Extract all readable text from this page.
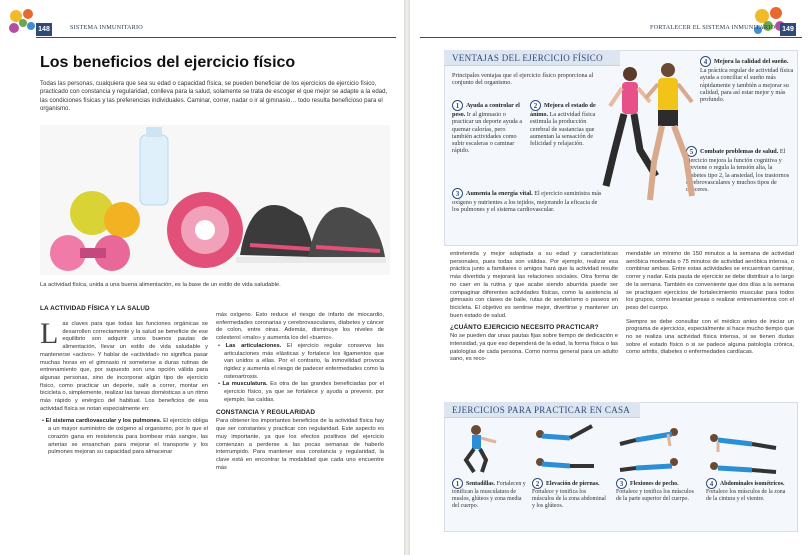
148	SISTEMA INMUNITARIO
Los beneficios del ejercicio físico
Todas las personas, cualquiera que sea su edad o capacidad física, se pueden beneficiar de los ejercicios de ejercicio físico, practicado con constancia y regularidad, conlleva para la salud, solamente se trata de escoger el que mejor se adapte a la edad, las condiciones físicas y las preferencias individuales. Caminar, correr, nadar o ir al gimnasio… todo resulta beneficioso para el organismo.
La actividad física, unida a una buena alimentación, es la base de un estilo de vida saludable.
LA ACTIVIDAD FÍSICA Y LA SALUD
Las claves para que todas las funciones orgánicas se desarrollen correctamente y la salud se beneficie de ese equilibrio son adquirir unos buenos pautas de alimentación, llevar un estilo de vida saludable y mantenerse «activo». Y hablar de «actividad» no significa pasar muchas horas en el gimnasio ni someterse a duras rutinas de entrenamiento que, por supuesto son una opción válida para algunas personas, sino de incorporar algún tipo de ejercicio físico, como practicar un deporte, salir a correr, montar en bicicleta o, simplemente, realizar las tareas domésticas a un ritmo más rápido y enérgico del habitual. Los beneficios de esa actividad física se notan especialmente en:
• El sistema cardiovascular y los pulmones. El ejercicio obliga a un mayor suministro de oxígeno al organismo, por lo que el corazón gana en resistencia para bombear más sangre, las arterias se ensanchan para mejorar el transporte y los pulmones mejoran su capacidad para almacenar
más oxígeno. Esto reduce el riesgo de infarto de miocardio, enfermedades coronarias y cerebrovasculares, diabetes y cáncer de colon, entre otras. Además, disminuye los niveles de colesterol «malo» y aumenta los del «bueno».
• Las articulaciones. El ejercicio regular conserva las articulaciones más elásticas y fortalece los ligamentos que van unidos a ellas. Por el contrario, la inmovilidad provoca rigidez y aumenta el riesgo de padecer enfermedades como la osteoartrosis.
• La musculatura. Es otra de las grandes beneficiadas por el ejercicio físico, ya que se fortalece y ayuda a prevenir, por ejemplo, las caídas.
CONSTANCIA Y REGULARIDAD
Para obtener los importantes beneficios de la actividad física hay que ser constantes y practicar con regularidad. Este aspecto es muy importante, ya que los efectos positivos del ejercicio comienzan a perderse a las pocas semanas de haberlo interrumpido. Para mantener esa constancia y regularidad, la clave está en encontrar la modalidad que cada uno encuentre más
FORTALECER EL SISTEMA INMUNITARIO	149
VENTAJAS DEL EJERCICIO FÍSICO
Principales ventajas que el ejercicio físico proporciona al conjunto del organismo.
1 Ayuda a controlar el peso. Ir al gimnasio o practicar un deporte ayuda a quemar calorías, pero también actividades como subir escaleras o caminar rápido.
2 Mejora el estado de ánimo. La actividad física estimula la producción cerebral de sustancias que aumentan la sensación de felicidad y relajación.
3 Aumenta la energía vital. El ejercicio suministra más oxígeno y nutrientes a los tejidos, mejorando la eficacia de los pulmones y el sistema cardiovascular.
4 Mejora la calidad del sueño. La práctica regular de actividad física ayuda a conciliar el sueño más rápidamente y también a mejorar su calidad, para así estar mejor y más profundo.
5 Combate problemas de salud. El ejercicio mejora la función cognitiva y previene o regula la tensión alta, la diabetes tipo 2, la ansiedad, los trastornos cerebrovasculares y muchos tipos de cánceres.
entretenida y mejor adaptada a su edad y características personales, pues todas son válidas. Por ejemplo, realizar esa práctica junto a familiares o amigos hará que la actividad resulte más divertida y mejorará las relaciones sociales. Otra forma de no caer en la rutina y que acabe siendo aburrida puede ser compaginar diferentes actividades físicas, como la asistencia al gimnasio con clases de baile, rutas de senderismo o paseos en bicicleta. El objetivo es sentirse mejor, divertirse y mantener un buen estado de salud.
¿CUÁNTO EJERCICIO NECESITO PRACTICAR?
No se pueden dar unas pautas fijas sobre tiempo de dedicación e intensidad, ya que eso dependerá de la edad, la forma física o las patologías de cada persona. Como norma general para un adulto sano, es reco-
mendable un mínimo de 150 minutos a la semana de actividad aeróbica moderada o 75 minutos de actividad aeróbica intensa, o combinar ambas. Entre estas actividades se encuentran caminar, correr y nadar. Esta pauta de ejercicio se debe distribuir a lo largo de la semana. También es conveniente que dos días a la semana se practiquen ejercicios de fortalecimiento muscular para todos los grupos, como levantar pesas o realizar entrenamientos con el peso del cuerpo.
Siempre se debe consultar con el médico antes de iniciar un programa de ejercicios, especialmente si hace mucho tiempo que no se realiza una actividad física intensa, si se tienen dudas sobre el estado físico o si se padece alguna patología crónica, como artritis, diabetes o enfermedades cardíacas.
EJERCICIOS PARA PRACTICAR EN CASA
1 Sentadillas. Fortalecen y tonifican la musculatura de muslos, glúteos y zona media del cuerpo.
2 Elevación de piernas. Fortalece y tonifica los músculos de la zona abdominal y los glúteos.
3 Flexiones de pecho. Fortalece y tonifica los músculos de la parte superior del cuerpo.
4 Abdominales isométricos. Fortalece los músculos de la zona de la cintura y el vientre.
